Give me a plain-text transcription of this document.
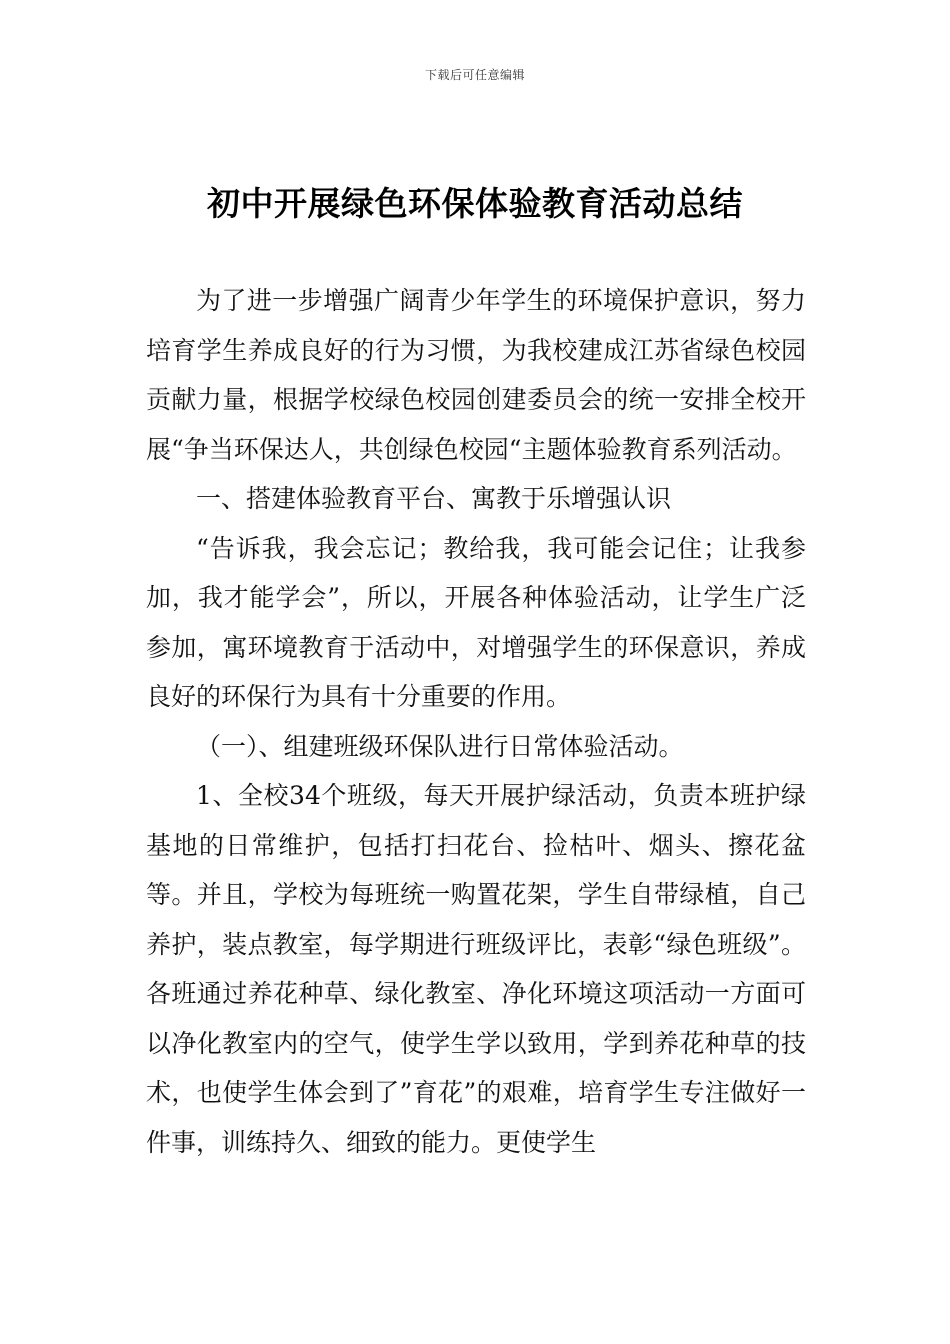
下载后可任意编辑
初中开展绿色环保体验教育活动总结

为了进一步增强广阔青少年学生的环境保护意识，努力培育学生养成良好的行为习惯，为我校建成江苏省绿色校园贡献力量，根据学校绿色校园创建委员会的统一安排全校开展“争当环保达人，共创绿色校园“主题体验教育系列活动。

一、搭建体验教育平台、寓教于乐增强认识

“告诉我，我会忘记；教给我，我可能会记住；让我参加，我才能学会”，所以，开展各种体验活动，让学生广泛参加，寓环境教育于活动中，对增强学生的环保意识，养成良好的环保行为具有十分重要的作用。

（一）、组建班级环保队进行日常体验活动。

1、全校34个班级，每天开展护绿活动，负责本班护绿基地的日常维护，包括打扫花台、捡枯叶、烟头、擦花盆等。并且，学校为每班统一购置花架，学生自带绿植，自己养护，装点教室，每学期进行班级评比，表彰“绿色班级”。各班通过养花种草、绿化教室、净化环境这项活动一方面可以净化教室内的空气，使学生学以致用，学到养花种草的技术，也使学生体会到了”育花”的艰难，培育学生专注做好一件事，训练持久、细致的能力。更使学生
